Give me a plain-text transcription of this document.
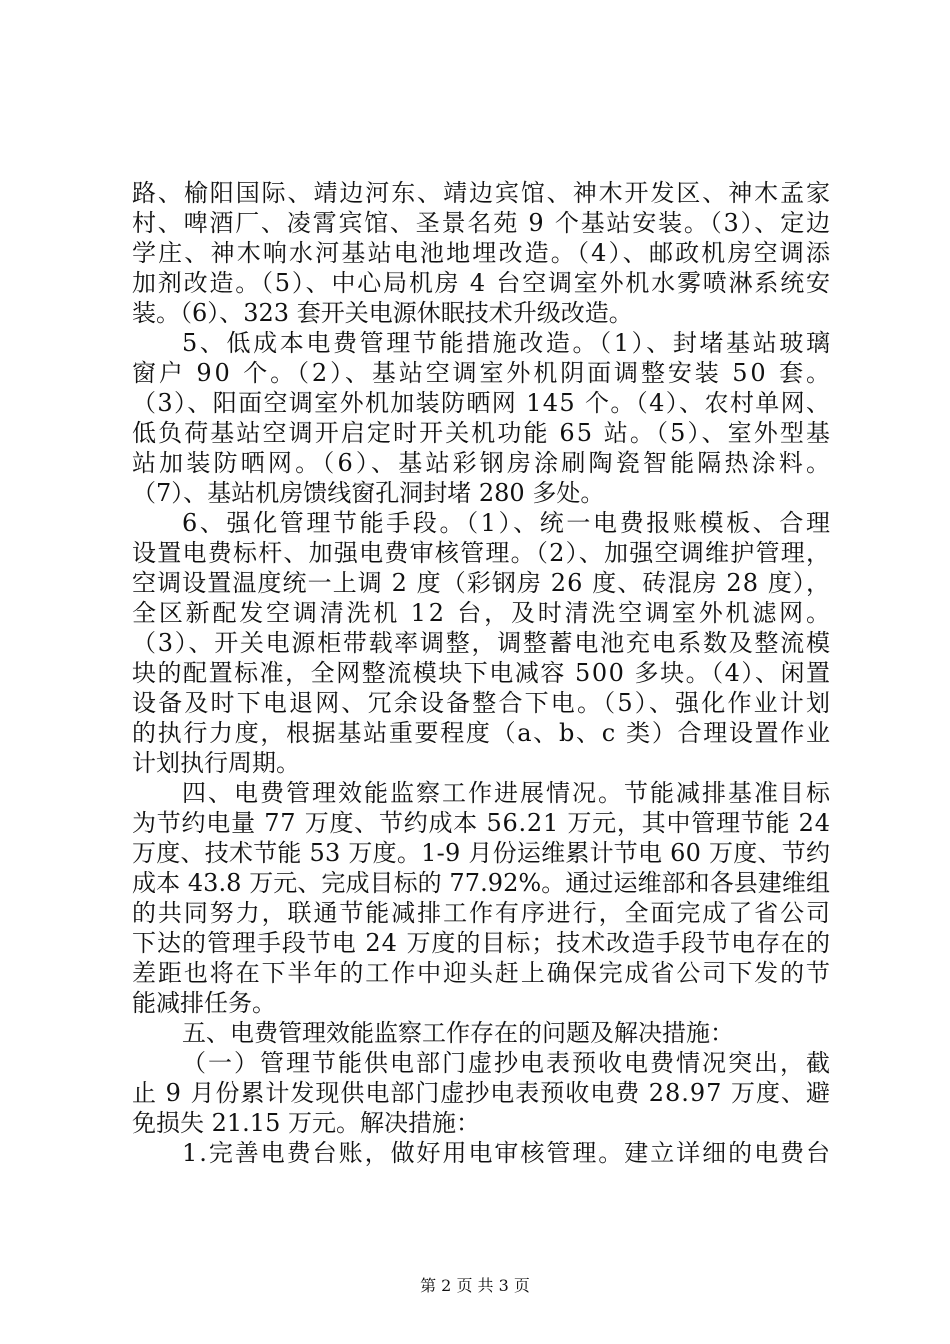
路、榆阳国际、靖边河东、靖边宾馆、神木开发区、神木孟家
村、啤酒厂、凌霄宾馆、圣景名苑 9 个基站安装。（3）、定边
学庄、神木响水河基站电池地埋改造。（4）、邮政机房空调添
加剂改造。（5）、中心局机房 4 台空调室外机水雾喷淋系统安
装。（6）、323 套开关电源休眠技术升级改造。
5、低成本电费管理节能措施改造。（1）、封堵基站玻璃
窗户 90 个。（2）、基站空调室外机阴面调整安装 50 套。
（3）、阳面空调室外机加装防晒网 145 个。（4）、农村单网、
低负荷基站空调开启定时开关机功能 65 站。（5）、室外型基
站加装防晒网。（6）、基站彩钢房涂刷陶瓷智能隔热涂料。
（7）、基站机房馈线窗孔洞封堵 280 多处。
6、强化管理节能手段。（1）、统一电费报账模板、合理
设置电费标杆、加强电费审核管理。（2）、加强空调维护管理，
空调设置温度统一上调 2 度（彩钢房 26 度、砖混房 28 度），
全区新配发空调清洗机 12 台，及时清洗空调室外机滤网。
（3）、开关电源柜带载率调整，调整蓄电池充电系数及整流模
块的配置标准，全网整流模块下电减容 500 多块。（4）、闲置
设备及时下电退网、冗余设备整合下电。（5）、强化作业计划
的执行力度，根据基站重要程度（a、b、c 类）合理设置作业
计划执行周期。
四、电费管理效能监察工作进展情况。节能减排基准目标
为节约电量 77 万度、节约成本 56.21 万元，其中管理节能 24
万度、技术节能 53 万度。1-9 月份运维累计节电 60 万度、节约
成本 43.8 万元、完成目标的 77.92%。通过运维部和各县建维组
的共同努力，联通节能减排工作有序进行，全面完成了省公司
下达的管理手段节电 24 万度的目标；技术改造手段节电存在的
差距也将在下半年的工作中迎头赶上确保完成省公司下发的节
能减排任务。
五、电费管理效能监察工作存在的问题及解决措施：
（一）管理节能供电部门虚抄电表预收电费情况突出，截
止 9 月份累计发现供电部门虚抄电表预收电费 28.97 万度、避
免损失 21.15 万元。解决措施：
1.完善电费台账，做好用电审核管理。建立详细的电费台
第 2 页 共 3 页
